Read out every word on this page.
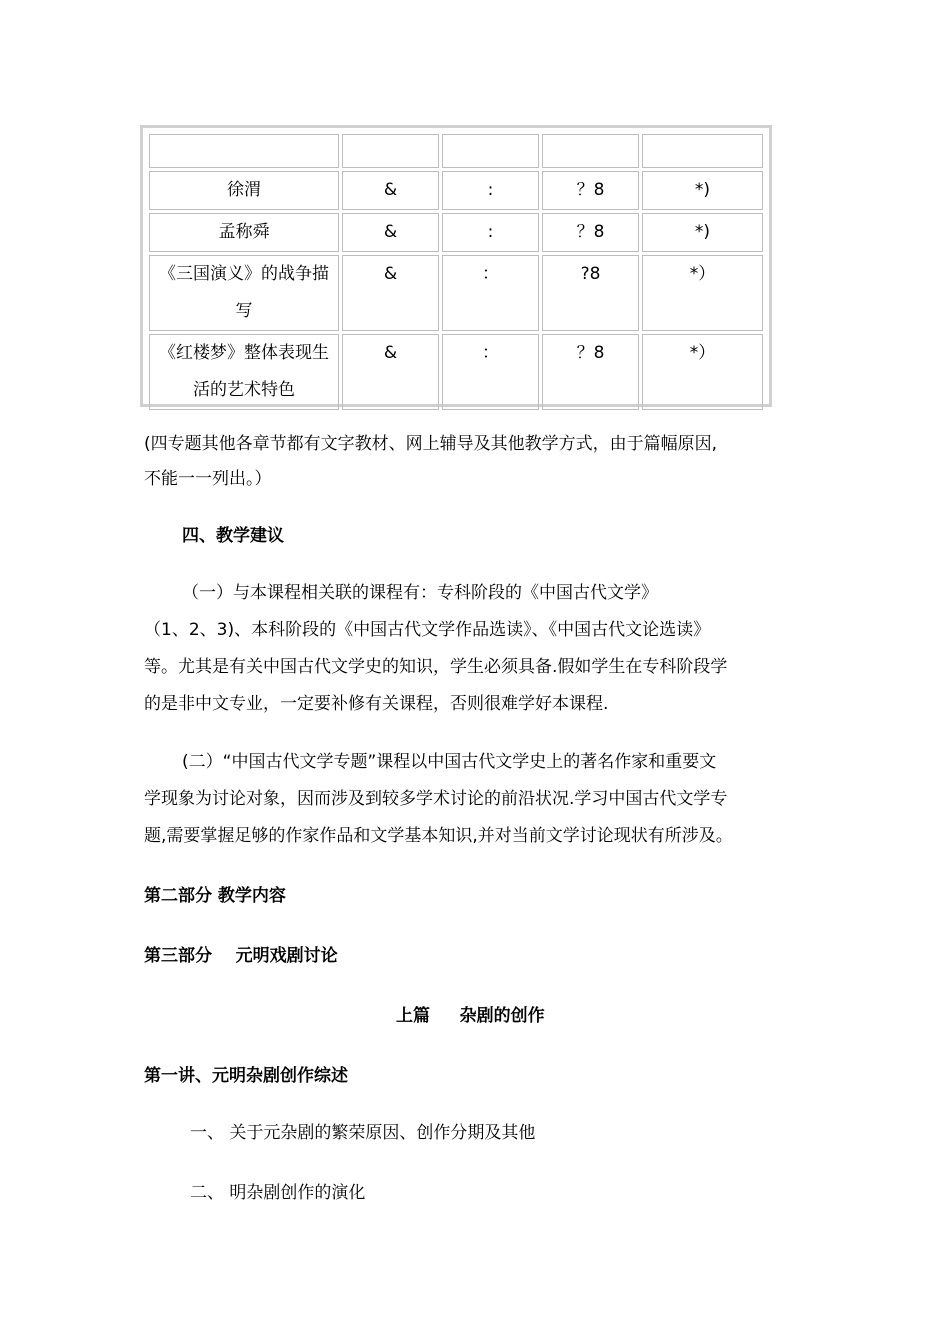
徐渭	&	:	？8	*)
孟称舜	&	:	？8	*)
《三国演义》的战争描写	&	：	?8	*）
《红楼梦》整体表现生活的艺术特色	&	：	？8	*）
(四专题其他各章节都有文字教材、网上辅导及其他教学方式，由于篇幅原因,
不能一一列出。）
四、教学建议
（一）与本课程相关联的课程有：专科阶段的《中国古代文学》
（1、2、3)、本科阶段的《中国古代文学作品选读》、《中国古代文论选读》
等。尤其是有关中国古代文学史的知识，学生必须具备.假如学生在专科阶段学
的是非中文专业，一定要补修有关课程，否则很难学好本课程.
(二）“中国古代文学专题”课程以中国古代文学史上的著名作家和重要文
学现象为讨论对象，因而涉及到较多学术讨论的前沿状况.学习中国古代文学专
题,需要掌握足够的作家作品和文学基本知识,并对当前文学讨论现状有所涉及。
第二部分 教学内容
第三部分    元明戏剧讨论
上篇     杂剧的创作
第一讲、元明杂剧创作综述
一、 关于元杂剧的繁荣原因、创作分期及其他
二、 明杂剧创作的演化
